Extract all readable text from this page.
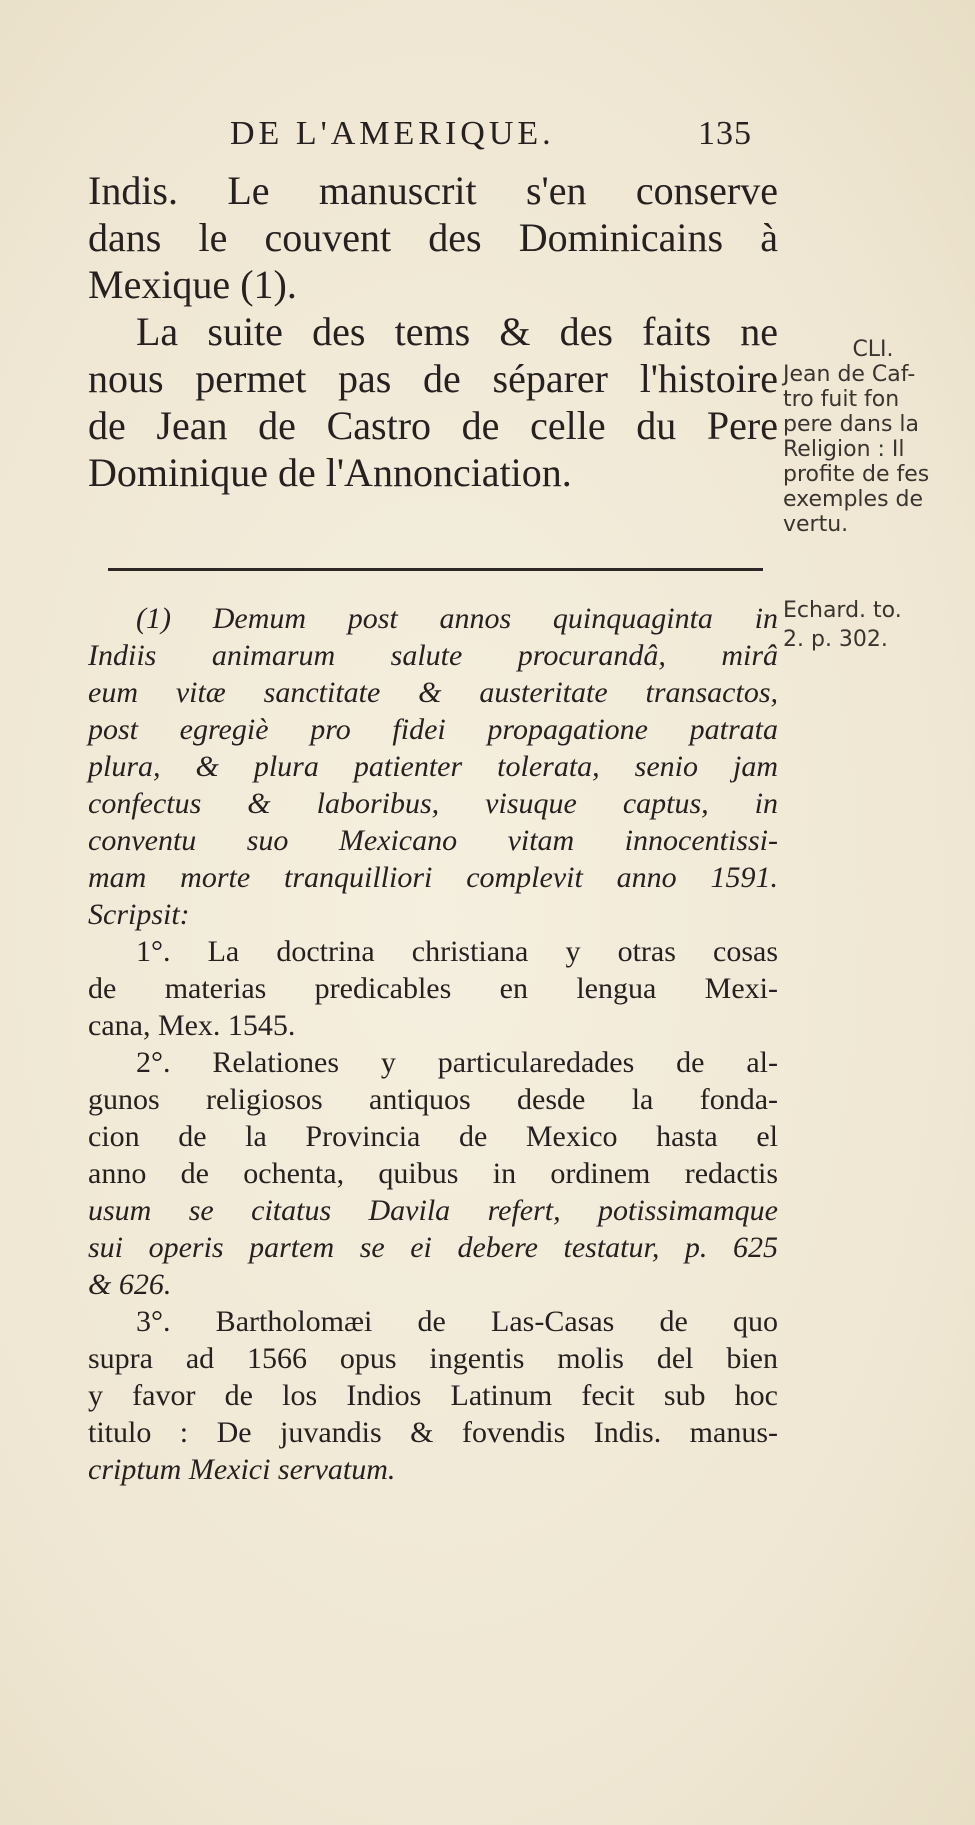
DE L'AMERIQUE.	135
Indis. Le manuscrit s'en conserve
dans le couvent des Dominicains à
Mexique (1).
La suite des tems & des faits ne
nous permet pas de séparer l'histoire
de Jean de Castro de celle du Pere
Dominique de l'Annonciation.
CLI.
Jean de Caf-
tro fuit fon
pere dans la
Religion : Il
profite de fes
exemples de
vertu.
Echard. to.
2. p. 302.
(1) Demum post annos quinquaginta in
Indiis animarum salute procurandâ, mirâ
eum vitæ sanctitate & austeritate transactos,
post egregiè pro fidei propagatione patrata
plura, & plura patienter tolerata, senio jam
confectus & laboribus, visuque captus, in
conventu suo Mexicano vitam innocentissi-
mam morte tranquilliori complevit anno 1591.
Scripsit:
1°. La doctrina christiana y otras cosas
de materias predicables en lengua Mexi-
cana, Mex. 1545.
2°. Relationes y particularedades de al-
gunos religiosos antiquos desde la fonda-
cion de la Provincia de Mexico hasta el
anno de ochenta, quibus in ordinem redactis
usum se citatus Davila refert, potissimamque
sui operis partem se ei debere testatur, p. 625
& 626.
3°. Bartholomæi de Las-Casas de quo
supra ad 1566 opus ingentis molis del bien
y favor de los Indios Latinum fecit sub hoc
titulo : De juvandis & fovendis Indis. manus-
criptum Mexici servatum.
